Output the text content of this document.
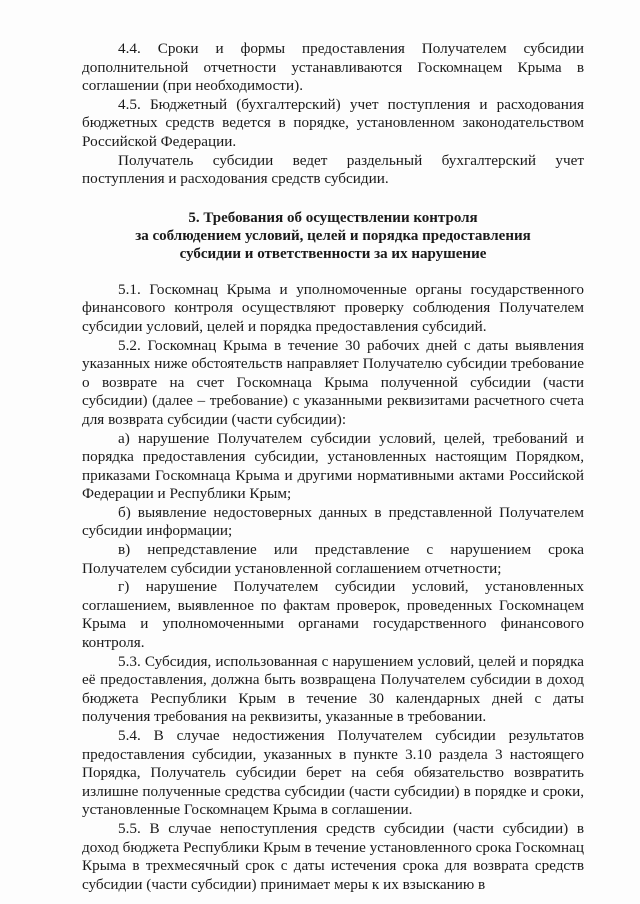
4.4. Сроки и формы предоставления Получателем субсидии дополнительной отчетности устанавливаются Госкомнацем Крыма в соглашении (при необходимости).

4.5. Бюджетный (бухгалтерский) учет поступления и расходования бюджетных средств ведется в порядке, установленном законодательством Российской Федерации.

Получатель субсидии ведет раздельный бухгалтерский учет поступления и расходования средств субсидии.

5. Требования об осуществлении контроля
за соблюдением условий, целей и порядка предоставления
субсидии и ответственности за их нарушение

5.1. Госкомнац Крыма и уполномоченные органы государственного финансового контроля осуществляют проверку соблюдения Получателем субсидии условий, целей и порядка предоставления субсидий.

5.2. Госкомнац Крыма в течение 30 рабочих дней с даты выявления указанных ниже обстоятельств направляет Получателю субсидии требование о возврате на счет Госкомнаца Крыма полученной субсидии (части субсидии) (далее – требование) с указанными реквизитами расчетного счета для возврата субсидии (части субсидии):

а) нарушение Получателем субсидии условий, целей, требований и порядка предоставления субсидии, установленных настоящим Порядком, приказами Госкомнаца Крыма и другими нормативными актами Российской Федерации и Республики Крым;

б) выявление недостоверных данных в представленной Получателем субсидии информации;

в) непредставление или представление с нарушением срока Получателем субсидии установленной соглашением отчетности;

г) нарушение Получателем субсидии условий, установленных соглашением, выявленное по фактам проверок, проведенных Госкомнацем Крыма и уполномоченными органами государственного финансового контроля.

5.3. Субсидия, использованная с нарушением условий, целей и порядка её предоставления, должна быть возвращена Получателем субсидии в доход бюджета Республики Крым в течение 30 календарных дней с даты получения требования на реквизиты, указанные в требовании.

5.4. В случае недостижения Получателем субсидии результатов предоставления субсидии, указанных в пункте 3.10 раздела 3 настоящего Порядка, Получатель субсидии берет на себя обязательство возвратить излишне полученные средства субсидии (части субсидии) в порядке и сроки, установленные Госкомнацем Крыма в соглашении.

5.5. В случае непоступления средств субсидии (части субсидии) в доход бюджета Республики Крым в течение установленного срока Госкомнац Крыма в трехмесячный срок с даты истечения срока для возврата средств субсидии (части субсидии) принимает меры к их взысканию в
